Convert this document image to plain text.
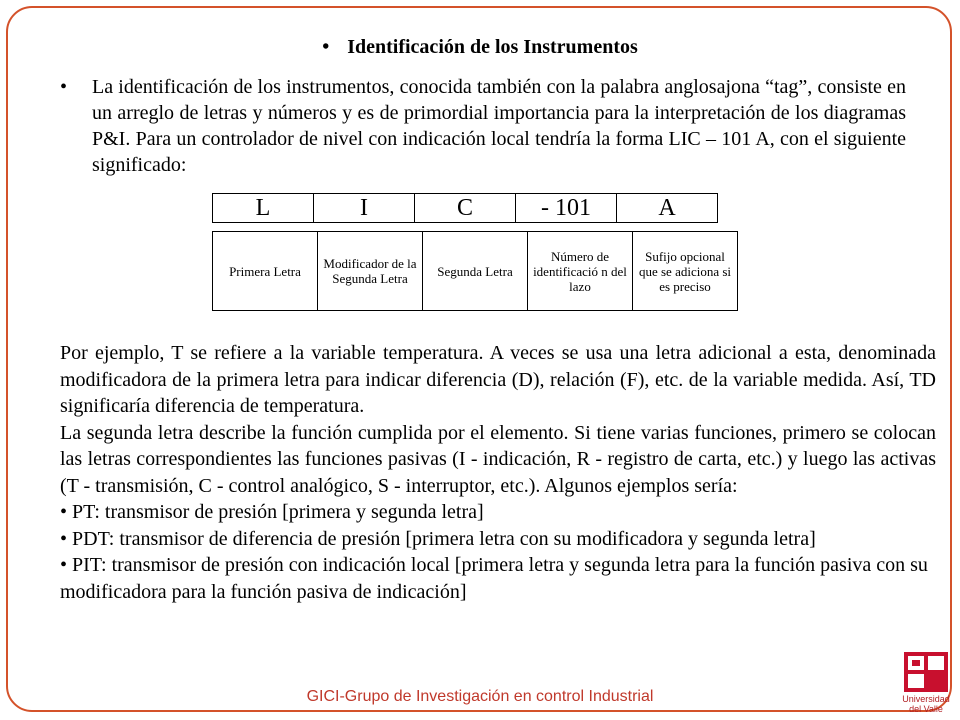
• Identificación de los Instrumentos
• La identificación de los instrumentos, conocida también con la palabra anglosajona “tag”, consiste en un arreglo de letras y números y es de primordial importancia para la interpretación de los diagramas P&I. Para un controlador de nivel con indicación local tendría la forma LIC – 101 A, con el siguiente significado:

L	I	C	- 101	A
Primera Letra	Modificador de la Segunda Letra	Segunda Letra	Número de identificació n del lazo	Sufijo opcional que se adiciona si es preciso

Por ejemplo, T se refiere a la variable temperatura. A veces se usa una letra adicional a esta, denominada modificadora de la primera letra para indicar diferencia (D), relación (F), etc. de la variable medida. Así, TD significaría diferencia de temperatura.

La segunda letra describe la función cumplida por el elemento. Si tiene varias funciones, primero se colocan las letras correspondientes las funciones pasivas (I - indicación, R - registro de carta, etc.) y luego las activas (T - transmisión, C - control analógico, S - interruptor, etc.). Algunos ejemplos sería:

• PT: transmisor de presión [primera y segunda letra]

• PDT: transmisor de diferencia de presión [primera letra con su modificadora y segunda letra]

• PIT: transmisor de presión con indicación local [primera letra y segunda letra para la función pasiva con su modificadora para la función pasiva de indicación]

GICI-Grupo de Investigación en control Industrial	Universidad
del Valle
